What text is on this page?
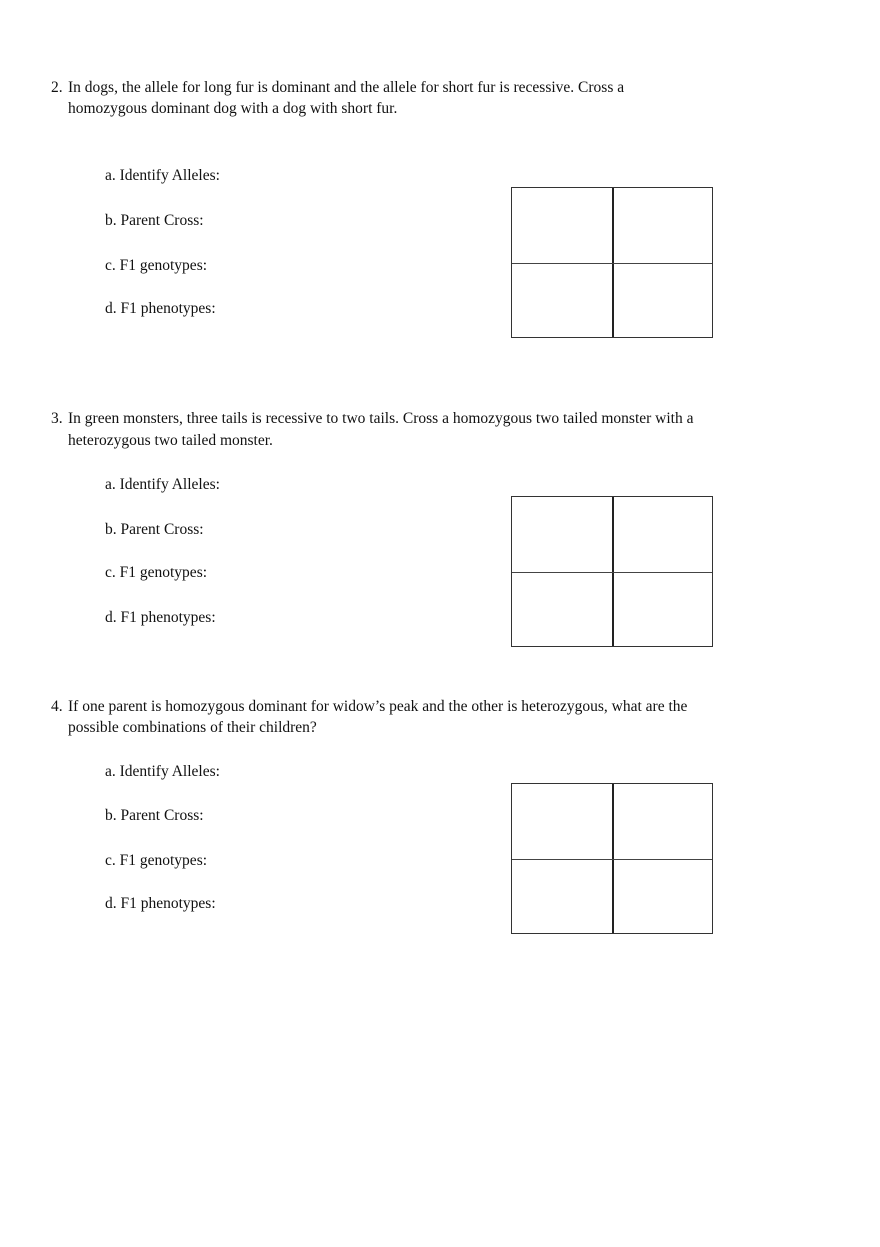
2. In dogs, the allele for long fur is dominant and the allele for short fur is recessive. Cross a
homozygous dominant dog with a dog with short fur.
a. Identify Alleles:
b. Parent Cross:
c. F1 genotypes:
d. F1 phenotypes:
3. In green monsters, three tails is recessive to two tails. Cross a homozygous two tailed monster with a
heterozygous two tailed monster.
a. Identify Alleles:
b. Parent Cross:
c. F1 genotypes:
d. F1 phenotypes:
4. If one parent is homozygous dominant for widow’s peak and the other is heterozygous, what are the
possible combinations of their children?
a. Identify Alleles:
b. Parent Cross:
c. F1 genotypes:
d. F1 phenotypes:
